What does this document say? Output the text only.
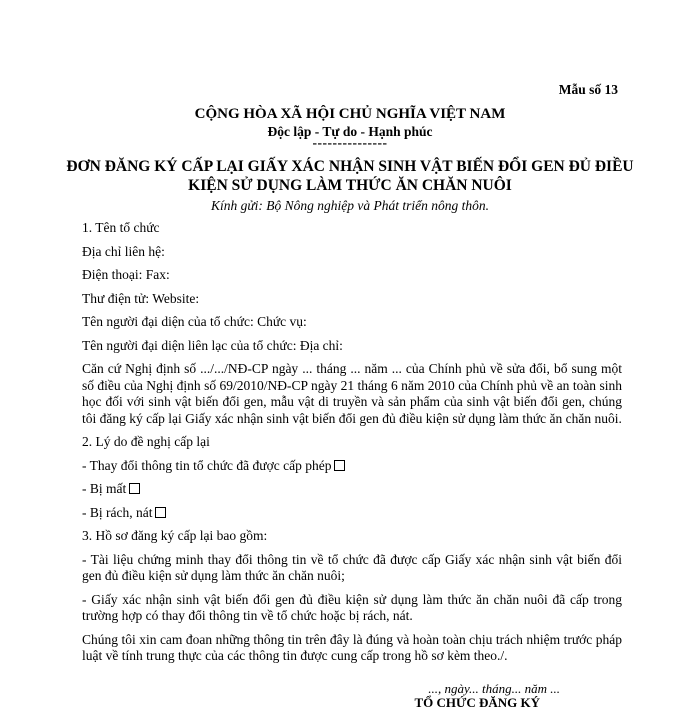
Mẫu số 13
CỘNG HÒA XÃ HỘI CHỦ NGHĨA VIỆT NAM
Độc lập - Tự do - Hạnh phúc
---------------
ĐƠN ĐĂNG KÝ CẤP LẠI GIẤY XÁC NHẬN SINH VẬT BIẾN ĐỔI GEN ĐỦ ĐIỀU
KIỆN SỬ DỤNG LÀM THỨC ĂN CHĂN NUÔI
Kính gửi: Bộ Nông nghiệp và Phát triển nông thôn.

1. Tên tổ chức

Địa chỉ liên hệ:

Điện thoại: Fax:

Thư điện tử: Website:

Tên người đại diện của tổ chức: Chức vụ:

Tên người đại diện liên lạc của tổ chức: Địa chỉ:

Căn cứ Nghị định số .../.../NĐ-CP ngày ... tháng ... năm ... của Chính phủ về sửa đổi, bổ sung một số điều của Nghị định số 69/2010/NĐ-CP ngày 21 tháng 6 năm 2010 của Chính phủ về an toàn sinh học đối với sinh vật biến đổi gen, mẫu vật di truyền và sản phẩm của sinh vật biến đổi gen, chúng tôi đăng ký cấp lại Giấy xác nhận sinh vật biến đổi gen đủ điều kiện sử dụng làm thức ăn chăn nuôi.

2. Lý do đề nghị cấp lại

- Thay đổi thông tin tổ chức đã được cấp phép

- Bị mất

- Bị rách, nát

3. Hồ sơ đăng ký cấp lại bao gồm:

- Tài liệu chứng minh thay đổi thông tin về tổ chức đã được cấp Giấy xác nhận sinh vật biến đổi gen đủ điều kiện sử dụng làm thức ăn chăn nuôi;

- Giấy xác nhận sinh vật biến đổi gen đủ điều kiện sử dụng làm thức ăn chăn nuôi đã cấp trong trường hợp có thay đổi thông tin về tổ chức hoặc bị rách, nát.

Chúng tôi xin cam đoan những thông tin trên đây là đúng và hoàn toàn chịu trách nhiệm trước pháp luật về tính trung thực của các thông tin được cung cấp trong hồ sơ kèm theo./.

..., ngày... tháng... năm ...
TỔ CHỨC ĐĂNG KÝ
